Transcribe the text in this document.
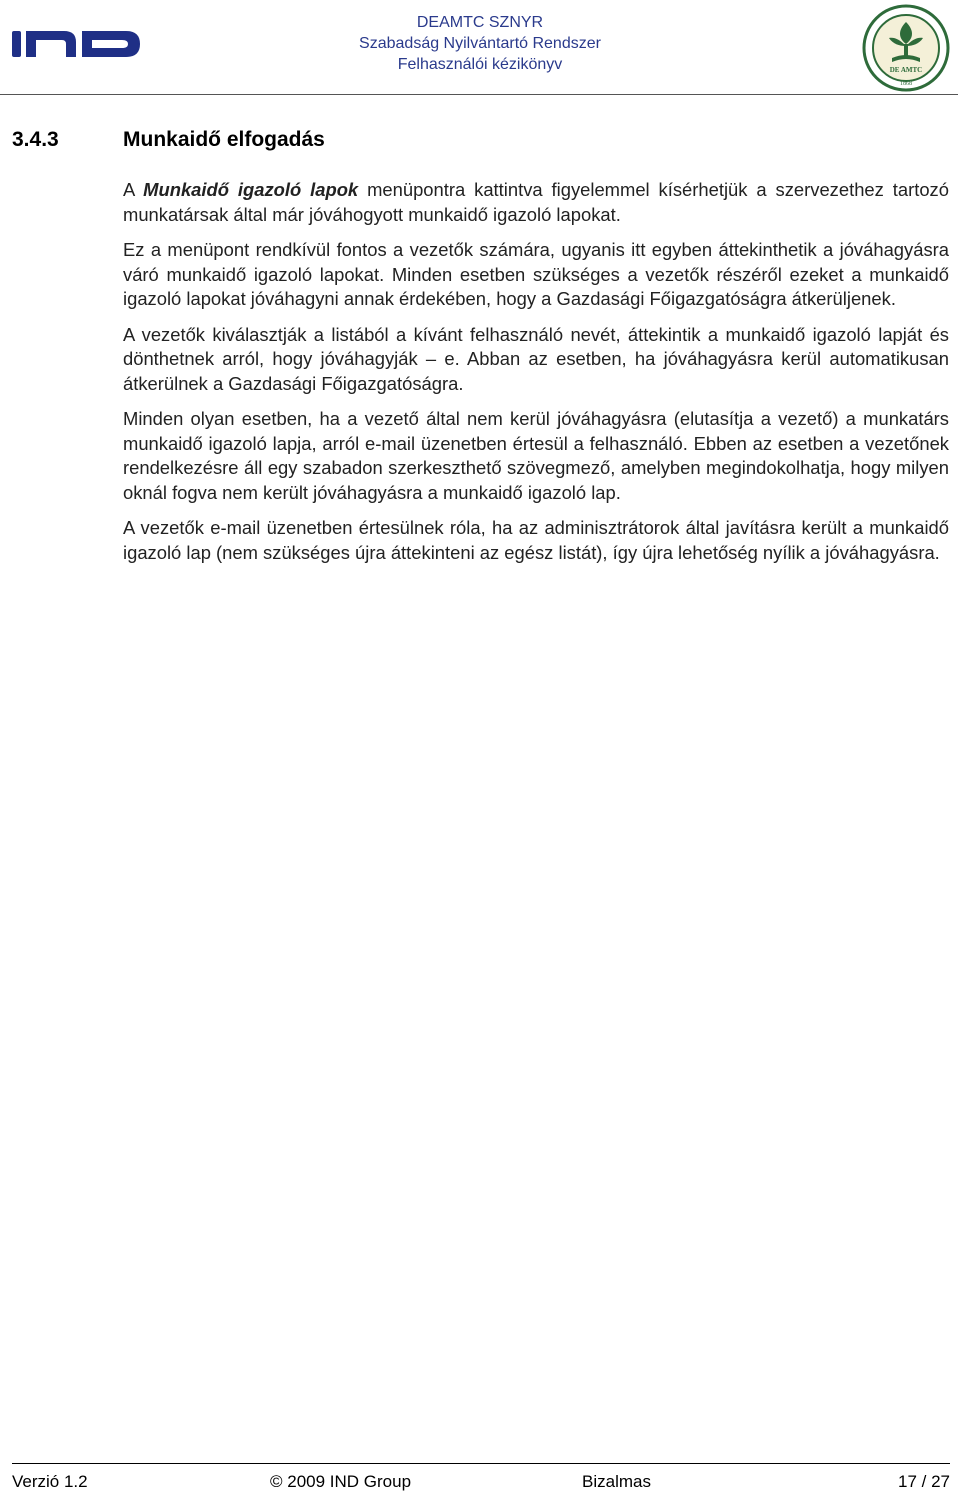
DEAMTC SZNYR
Szabadság Nyilvántartó Rendszer
Felhasználói kézikönyv	DE AMTC
1868
3.4.3	Munkaidő elfogadás

A Munkaidő igazoló lapok menüpontra kattintva figyelemmel kísérhetjük a szervezethez tartozó munkatársak által már jóváhogyott munkaidő igazoló lapokat.

Ez a menüpont rendkívül fontos a vezetők számára, ugyanis itt egyben áttekinthetik a jóváhagyásra váró munkaidő igazoló lapokat. Minden esetben szükséges a vezetők részéről ezeket a munkaidő igazoló lapokat jóváhagyni annak érdekében, hogy a Gazdasági Főigazgatóságra átkerüljenek.

A vezetők kiválasztják a listából a kívánt felhasználó nevét, áttekintik a munkaidő igazoló lapját és dönthetnek arról, hogy jóváhagyják – e. Abban az esetben, ha jóváhagyásra kerül automatikusan átkerülnek a Gazdasági Főigazgatóságra.

Minden olyan esetben, ha a vezető által nem kerül jóváhagyásra (elutasítja a vezető) a munkatárs munkaidő igazoló lapja, arról e-mail üzenetben értesül a felhasználó. Ebben az esetben a vezetőnek rendelkezésre áll egy szabadon szerkeszthető szövegmező, amelyben megindokolhatja, hogy milyen oknál fogva nem került jóváhagyásra a munkaidő igazoló lap.

A vezetők e-mail üzenetben értesülnek róla, ha az adminisztrátorok által javításra került a munkaidő igazoló lap (nem szükséges újra áttekinteni az egész listát), így újra lehetőség nyílik a jóváhagyásra.

Verzió 1.2	© 2009 IND Group	Bizalmas	17 / 27
